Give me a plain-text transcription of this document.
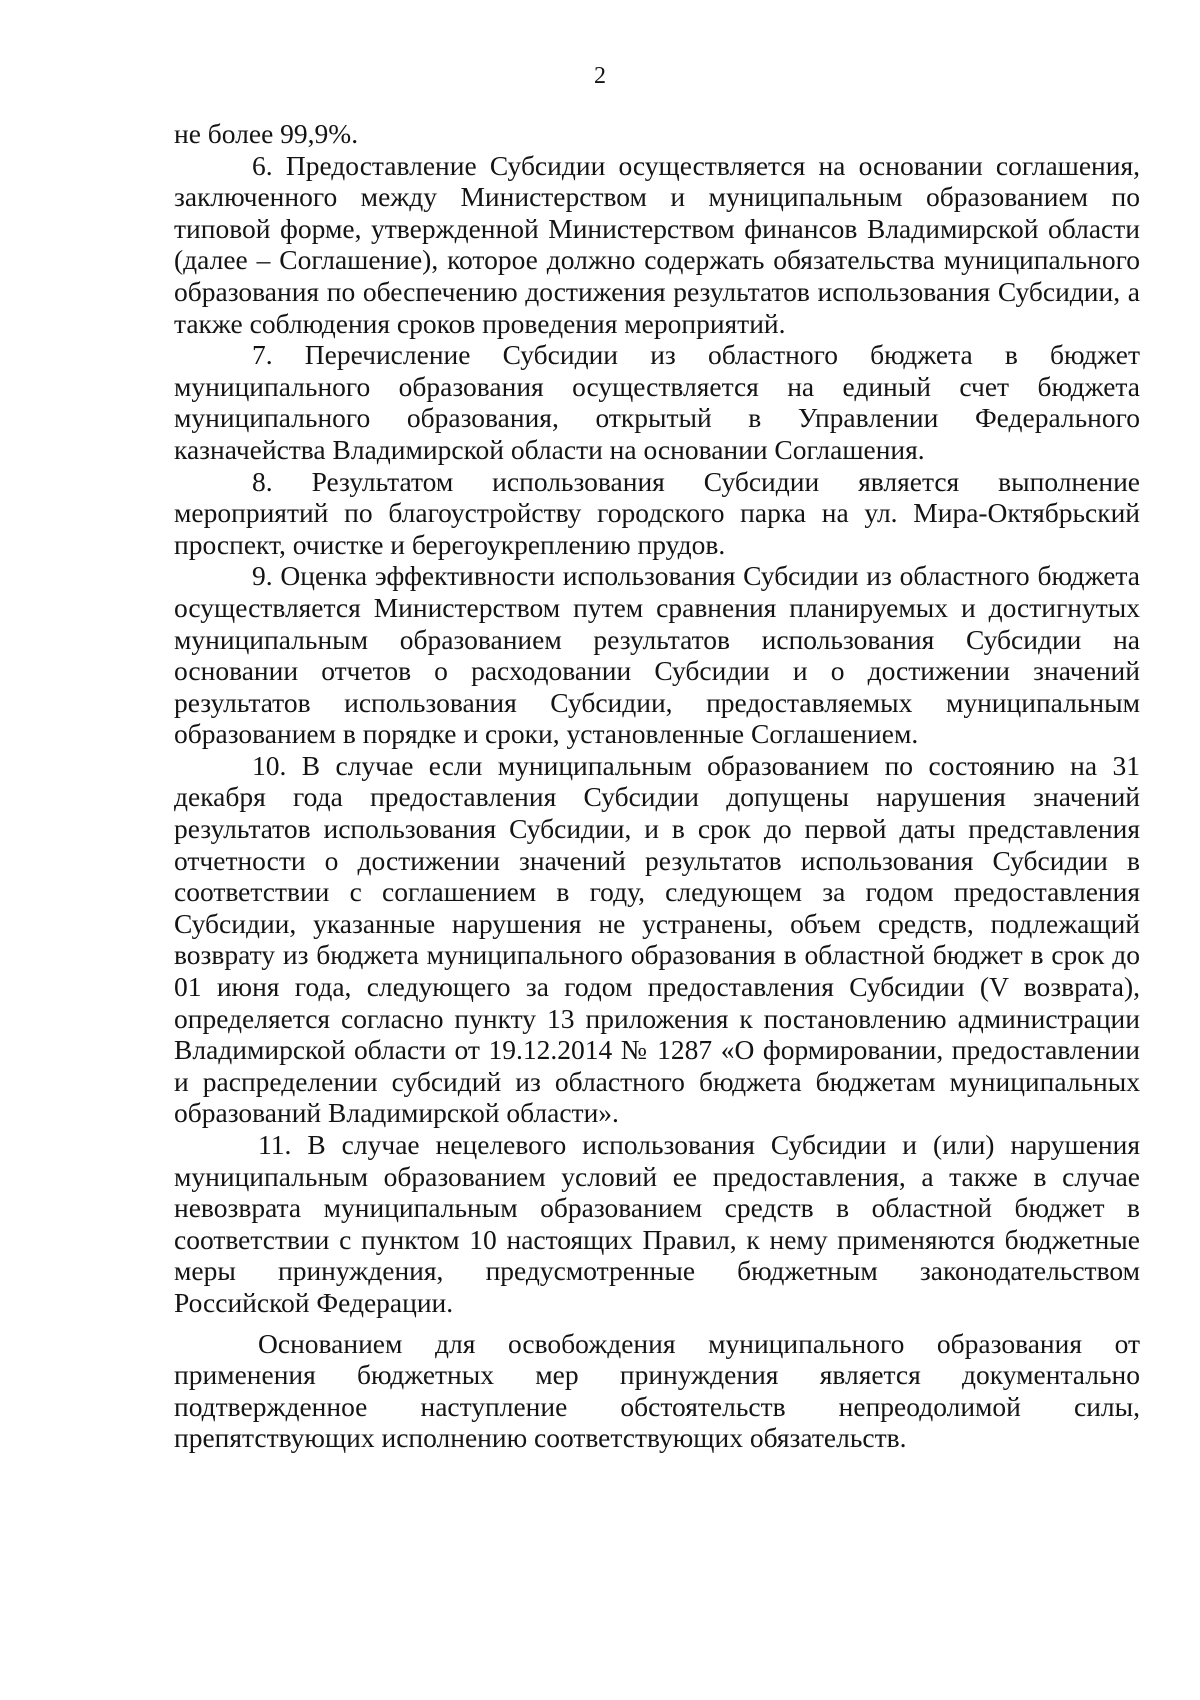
2

не более 99,9%.

6. Предоставление Субсидии осуществляется на основании соглашения, заключенного между Министерством и муниципальным образованием по типовой форме, утвержденной Министерством финансов Владимирской области (далее – Соглашение), которое должно содержать обязательства муниципального образования по обеспечению достижения результатов использования Субсидии, а также соблюдения сроков проведения мероприятий.

7. Перечисление Субсидии из областного бюджета в бюджет муниципального образования осуществляется на единый счет бюджета муниципального образования, открытый в Управлении Федерального казначейства Владимирской области на основании Соглашения.

8. Результатом использования Субсидии является выполнение мероприятий по благоустройству городского парка на ул. Мира-Октябрьский проспект, очистке и берегоукреплению прудов.

9. Оценка эффективности использования Субсидии из областного бюджета осуществляется Министерством путем сравнения планируемых и достигнутых муниципальным образованием результатов использования Субсидии на основании отчетов о расходовании Субсидии и о достижении значений результатов использования Субсидии, предоставляемых муниципальным образованием в порядке и сроки, установленные Соглашением.

10. В случае если муниципальным образованием по состоянию на 31 декабря года предоставления Субсидии допущены нарушения значений результатов использования Субсидии, и в срок до первой даты представления отчетности о достижении значений результатов использования Субсидии в соответствии с соглашением в году, следующем за годом предоставления Субсидии, указанные нарушения не устранены, объем средств, подлежащий возврату из бюджета муниципального образования в областной бюджет в срок до 01 июня года, следующего за годом предоставления Субсидии (V возврата), определяется согласно пункту 13 приложения к постановлению администрации Владимирской области от 19.12.2014 № 1287 «О формировании, предоставлении и распределении субсидий из областного бюджета бюджетам муниципальных образований Владимирской области».

11. В случае нецелевого использования Субсидии и (или) нарушения муниципальным образованием условий ее предоставления, а также в случае невозврата муниципальным образованием средств в областной бюджет в соответствии с пунктом 10 настоящих Правил, к нему применяются бюджетные меры принуждения, предусмотренные бюджетным законодательством Российской Федерации.

Основанием для освобождения муниципального образования от применения бюджетных мер принуждения является документально подтвержденное наступление обстоятельств непреодолимой силы, препятствующих исполнению соответствующих обязательств.
